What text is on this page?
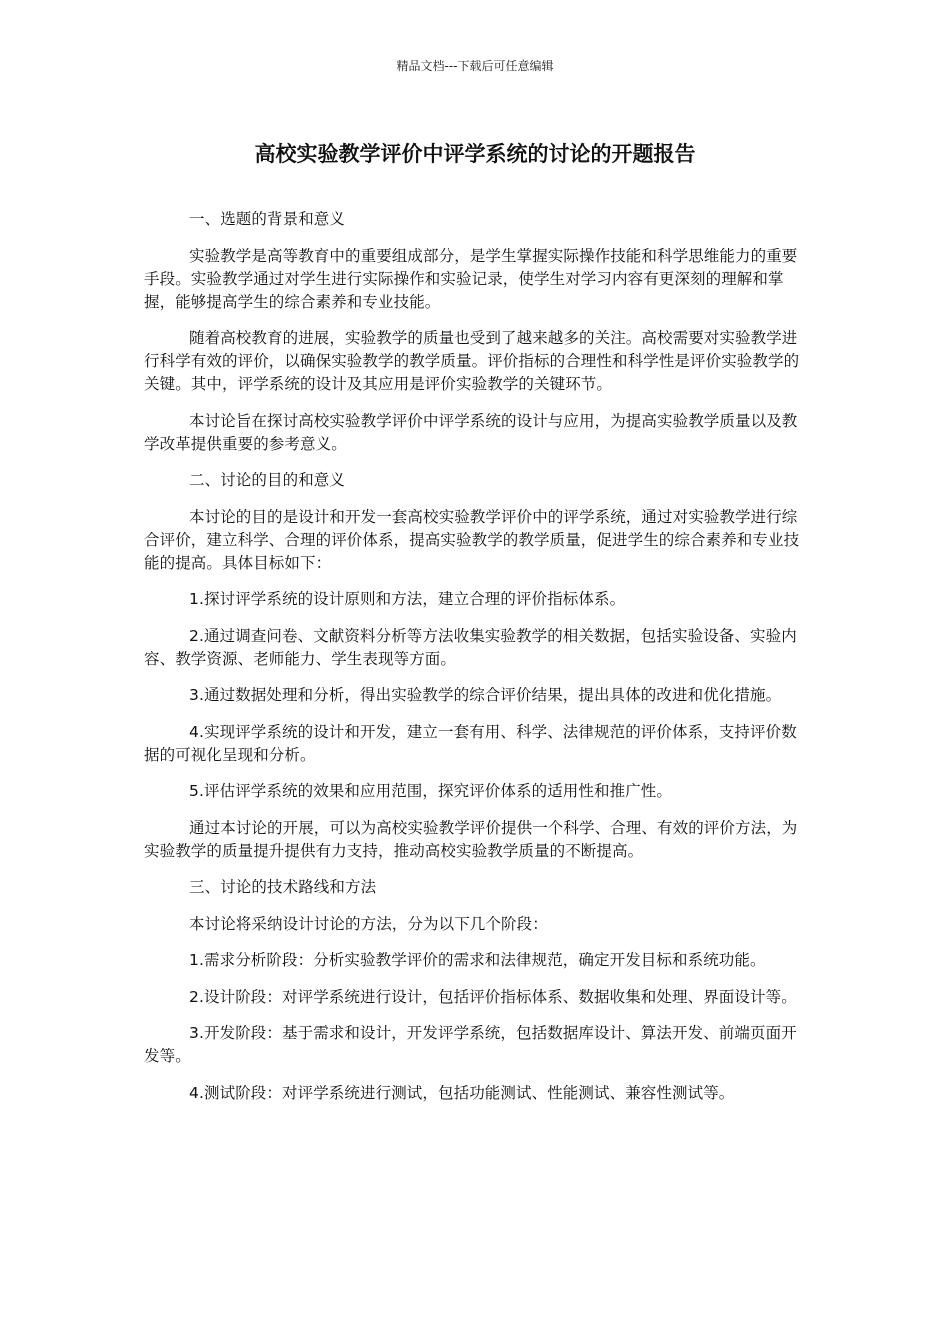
精品文档---下载后可任意编辑
高校实验教学评价中评学系统的讨论的开题报告

一、选题的背景和意义

实验教学是高等教育中的重要组成部分，是学生掌握实际操作技能和科学思维能力的重要手段。实验教学通过对学生进行实际操作和实验记录，使学生对学习内容有更深刻的理解和掌握，能够提高学生的综合素养和专业技能。

随着高校教育的进展，实验教学的质量也受到了越来越多的关注。高校需要对实验教学进行科学有效的评价，以确保实验教学的教学质量。评价指标的合理性和科学性是评价实验教学的关键。其中，评学系统的设计及其应用是评价实验教学的关键环节。

本讨论旨在探讨高校实验教学评价中评学系统的设计与应用，为提高实验教学质量以及教学改革提供重要的参考意义。

二、讨论的目的和意义

本讨论的目的是设计和开发一套高校实验教学评价中的评学系统，通过对实验教学进行综合评价，建立科学、合理的评价体系，提高实验教学的教学质量，促进学生的综合素养和专业技能的提高。具体目标如下：

1.探讨评学系统的设计原则和方法，建立合理的评价指标体系。

2.通过调查问卷、文献资料分析等方法收集实验教学的相关数据，包括实验设备、实验内容、教学资源、老师能力、学生表现等方面。

3.通过数据处理和分析，得出实验教学的综合评价结果，提出具体的改进和优化措施。

4.实现评学系统的设计和开发，建立一套有用、科学、法律规范的评价体系，支持评价数据的可视化呈现和分析。

5.评估评学系统的效果和应用范围，探究评价体系的适用性和推广性。

通过本讨论的开展，可以为高校实验教学评价提供一个科学、合理、有效的评价方法，为实验教学的质量提升提供有力支持，推动高校实验教学质量的不断提高。

三、讨论的技术路线和方法

本讨论将采纳设计讨论的方法，分为以下几个阶段：

1.需求分析阶段：分析实验教学评价的需求和法律规范，确定开发目标和系统功能。

2.设计阶段：对评学系统进行设计，包括评价指标体系、数据收集和处理、界面设计等。

3.开发阶段：基于需求和设计，开发评学系统，包括数据库设计、算法开发、前端页面开发等。

4.测试阶段：对评学系统进行测试，包括功能测试、性能测试、兼容性测试等。
